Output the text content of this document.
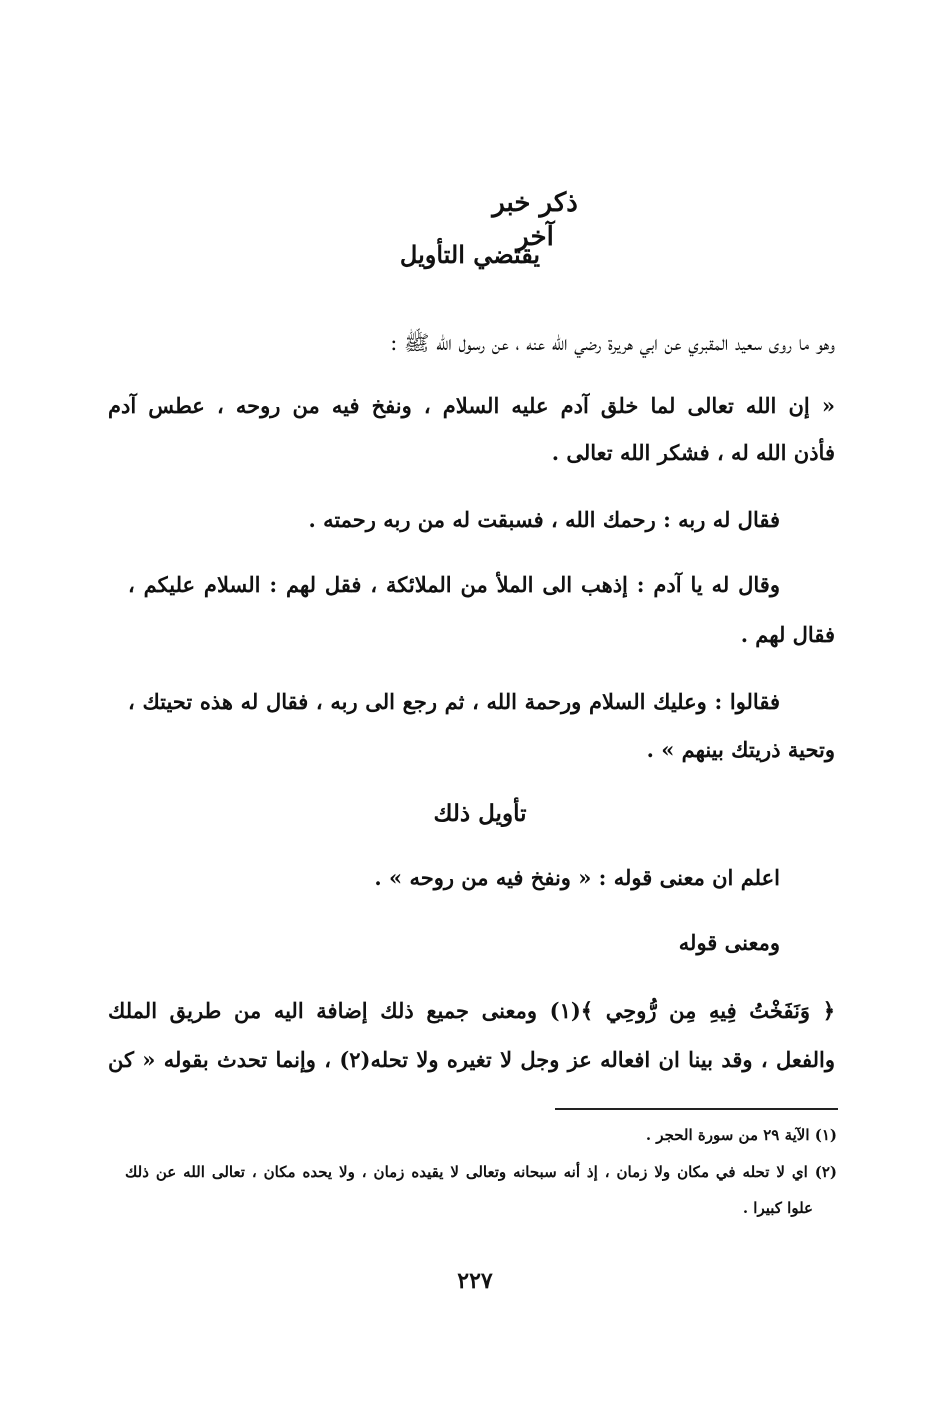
ذكر خبر آخر
يقتضي التأويل
وهو ما روى سعيد المقبري عن ابي هريرة رضي الله عنه ، عن رسول الله ﷺ :
« إن الله تعالى لما خلق آدم عليه السلام ، ونفخ فيه من روحه ، عطس آدم
فأذن الله له ، فشكر الله تعالى .
فقال له ربه : رحمك الله ، فسبقت له من ربه رحمته .
وقال له يا آدم : إذهب الى الملأ من الملائكة ، فقل لهم : السلام عليكم ،
فقال لهم .
فقالوا : وعليك السلام ورحمة الله ، ثم رجع الى ربه ، فقال له هذه تحيتك ،
وتحية ذريتك بينهم » .
تأويل ذلك
اعلم ان معنى قوله : « ونفخ فيه من روحه » .
ومعنى قوله
﴿ وَنَفَخْتُ فِيهِ مِن رُّوحِي ﴾(١) ومعنى جميع ذلك إضافة اليه من طريق الملك
والفعل ، وقد بينا ان افعاله عز وجل لا تغيره ولا تحله(٢) ، وإنما تحدث بقوله « كن
(١) الآية ٢٩ من سورة الحجر .
(٢) اي لا تحله في مكان ولا زمان ، إذ أنه سبحانه وتعالى لا يقيده زمان ، ولا يحده مكان ، تعالى الله عن ذلك
علوا كبيرا .
٢٢٧
